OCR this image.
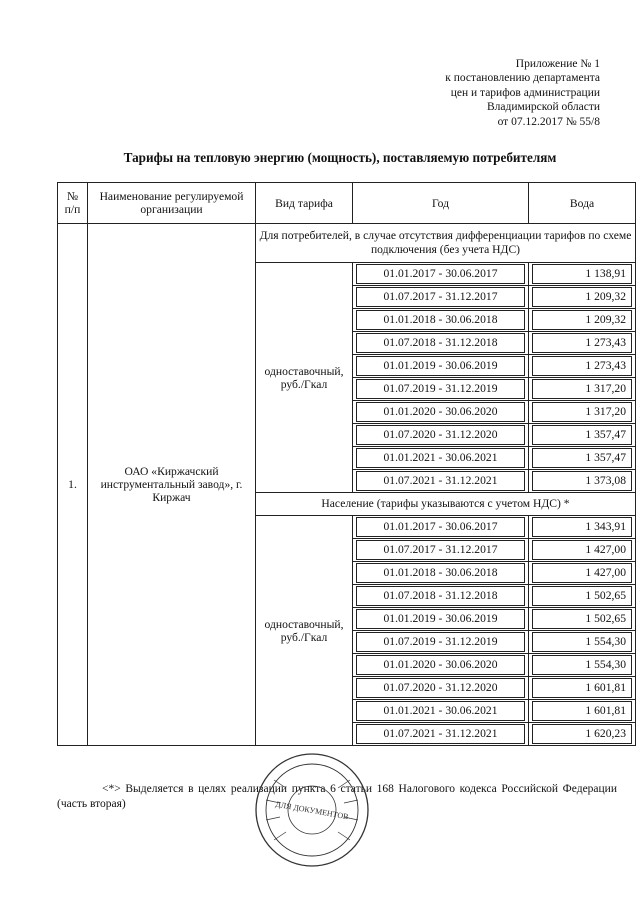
Приложение № 1
к постановлению департамента
цен и тарифов администрации
Владимирской области
от 07.12.2017 № 55/8
Тарифы на тепловую энергию (мощность), поставляемую потребителям
№ п/п	Наименование регулируемой организации	Вид тарифа	Год	Вода
1.	ОАО «Киржачский инструментальный завод», г. Киржач	Для потребителей, в случае отсутствия дифференциации тарифов по схеме подключения (без учета НДС)		
		одноставочный, руб./Гкал	01.01.2017 - 30.06.2017	1 138,91

			01.07.2017 - 31.12.2017	1 209,32

			01.01.2018 - 30.06.2018	1 209,32

			01.07.2018 - 31.12.2018	1 273,43

			01.01.2019 - 30.06.2019	1 273,43

			01.07.2019 - 31.12.2019	1 317,20

			01.01.2020 - 30.06.2020	1 317,20

			01.07.2020 - 31.12.2020	1 357,47

			01.01.2021 - 30.06.2021	1 357,47

			01.07.2021 - 31.12.2021	1 373,08

		Население (тарифы указываются с учетом НДС) *		
		одноставочный, руб./Гкал	01.01.2017 - 30.06.2017	1 343,91

			01.07.2017 - 31.12.2017	1 427,00

			01.01.2018 - 30.06.2018	1 427,00

			01.07.2018 - 31.12.2018	1 502,65

			01.01.2019 - 30.06.2019	1 502,65

			01.07.2019 - 31.12.2019	1 554,30

			01.01.2020 - 30.06.2020	1 554,30

			01.07.2020 - 31.12.2020	1 601,81

			01.01.2021 - 30.06.2021	1 601,81

			01.07.2021 - 31.12.2021	1 620,23
<*> Выделяется в целях реализации пункта 6 статьи 168 Налогового кодекса Российской Федерации (часть вторая)	ДЛЯ ДОКУМЕНТОВ
